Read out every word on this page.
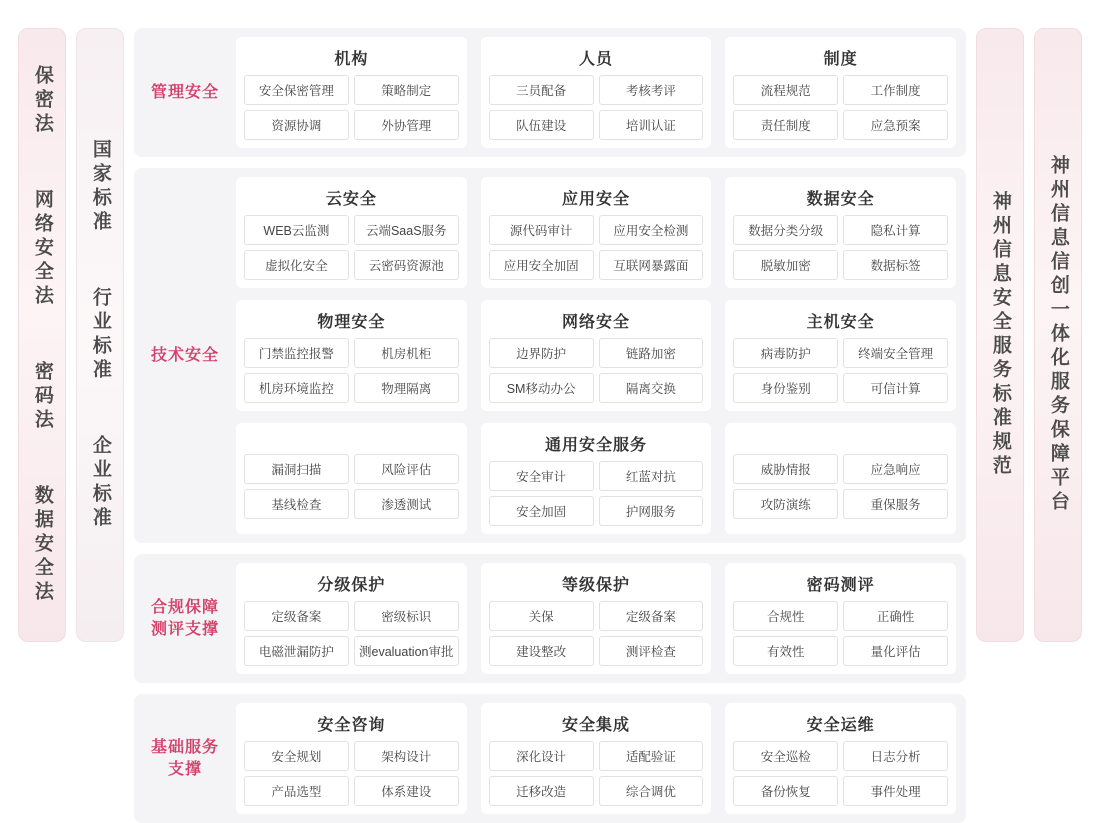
保密法  网络安全法  密码法  数据安全法 国家标准  行业标准  企业标准
管理安全
机构
安全保密管理	策略制定
资源协调	外协管理
人员
三员配备	考核考评
队伍建设	培训认证
制度
流程规范	工作制度
责任制度	应急预案
技术安全
云安全
WEB云监测	云端SaaS服务
虚拟化安全	云密码资源池
应用安全
源代码审计	应用安全检测
应用安全加固	互联网暴露面
数据安全
数据分类分级	隐私计算
脱敏加密	数据标签
物理安全
门禁监控报警	机房机柜
机房环境监控	物理隔离
网络安全
边界防护	链路加密
SM移动办公	隔离交换
主机安全
病毒防护	终端安全管理
身份鉴别	可信计算
漏洞扫描	风险评估
基线检查	渗透测试
通用安全服务
安全审计	红蓝对抗
安全加固	护网服务
威胁情报	应急响应
攻防演练	重保服务
合规保障 测评支撑
分级保护
定级备案	密级标识
电磁泄漏防护	测evaluation审批
等级保护
关保	定级备案
建设整改	测评检查
密码测评
合规性	正确性
有效性	量化评估
基础服务 支撑
安全咨询
安全规划	架构设计
产品选型	体系建设
安全集成
深化设计	适配验证
迁移改造	综合调优
安全运维
安全巡检	日志分析
备份恢复	事件处理
神州信息安全服务标准规范 神州信息信创一体化服务保障平台
